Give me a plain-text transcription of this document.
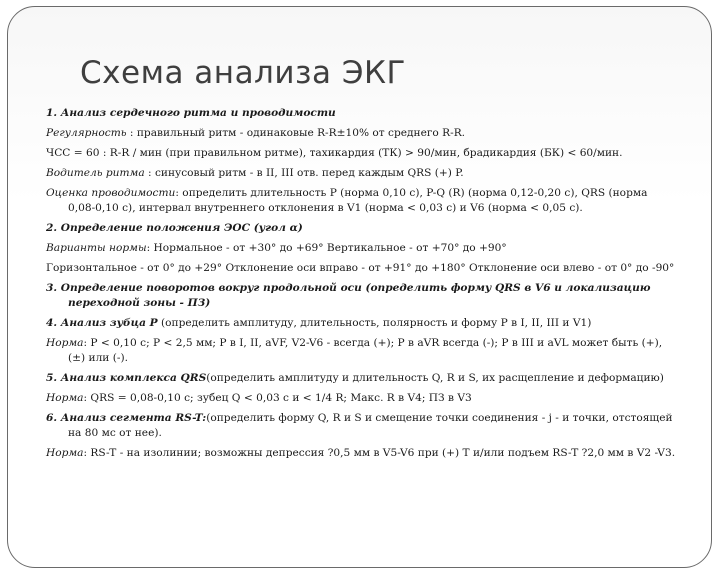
Схема анализа ЭКГ
1. Анализ сердечного ритма и проводимости
Регулярность : правильный ритм - одинаковые R-R±10% от среднего R-R.
ЧСС = 60 : R-R / мин (при правильном ритме), тахикардия (ТК) > 90/мин, брадикардия (БК) < 60/мин.
Водитель ритма : синусовый ритм - в II, III отв. перед каждым QRS (+) P.
Оценка проводимости: определить длительность P (норма 0,10 с), P-Q (R) (норма 0,12-0,20 с), QRS (норма 0,08-0,10 с), интервал внутреннего отклонения в V1 (норма < 0,03 с) и V6 (норма < 0,05 с).
2. Определение положения ЭОС (угол α)
Варианты нормы: Нормальное - от +30° до +69° Вертикальное - от +70° до +90°
Горизонтальное - от 0° до +29° Отклонение оси вправо - от +91° до +180° Отклонение оси влево - от 0° до -90°
3. Определение поворотов вокруг продольной оси (определить форму QRS в V6 и локализацию переходной зоны - ПЗ)
4. Анализ зубца P (определить амплитуду, длительность, полярность и форму P в I, II, III и V1)
Норма: P < 0,10 с; P < 2,5 мм; P в I, II, aVF, V2-V6 - всегда (+); P в aVR всегда (-); P в III и aVL может быть (+), (±) или (-).
5. Анализ комплекса QRS(определить амплитуду и длительность Q, R и S, их расщепление и деформацию)
Норма: QRS = 0,08-0,10 с; зубец Q < 0,03 с и < 1/4 R; Макс. R в V4; ПЗ в V3
6. Анализ сегмента RS-T:(определить форму Q, R и S и смещение точки соединения - j - и точки, отстоящей на 80 мс от нее).
Норма: RS-T - на изолинии; возможны депрессия ?0,5 мм в V5-V6 при (+) T и/или подъем RS-T ?2,0 мм в V2 -V3.
